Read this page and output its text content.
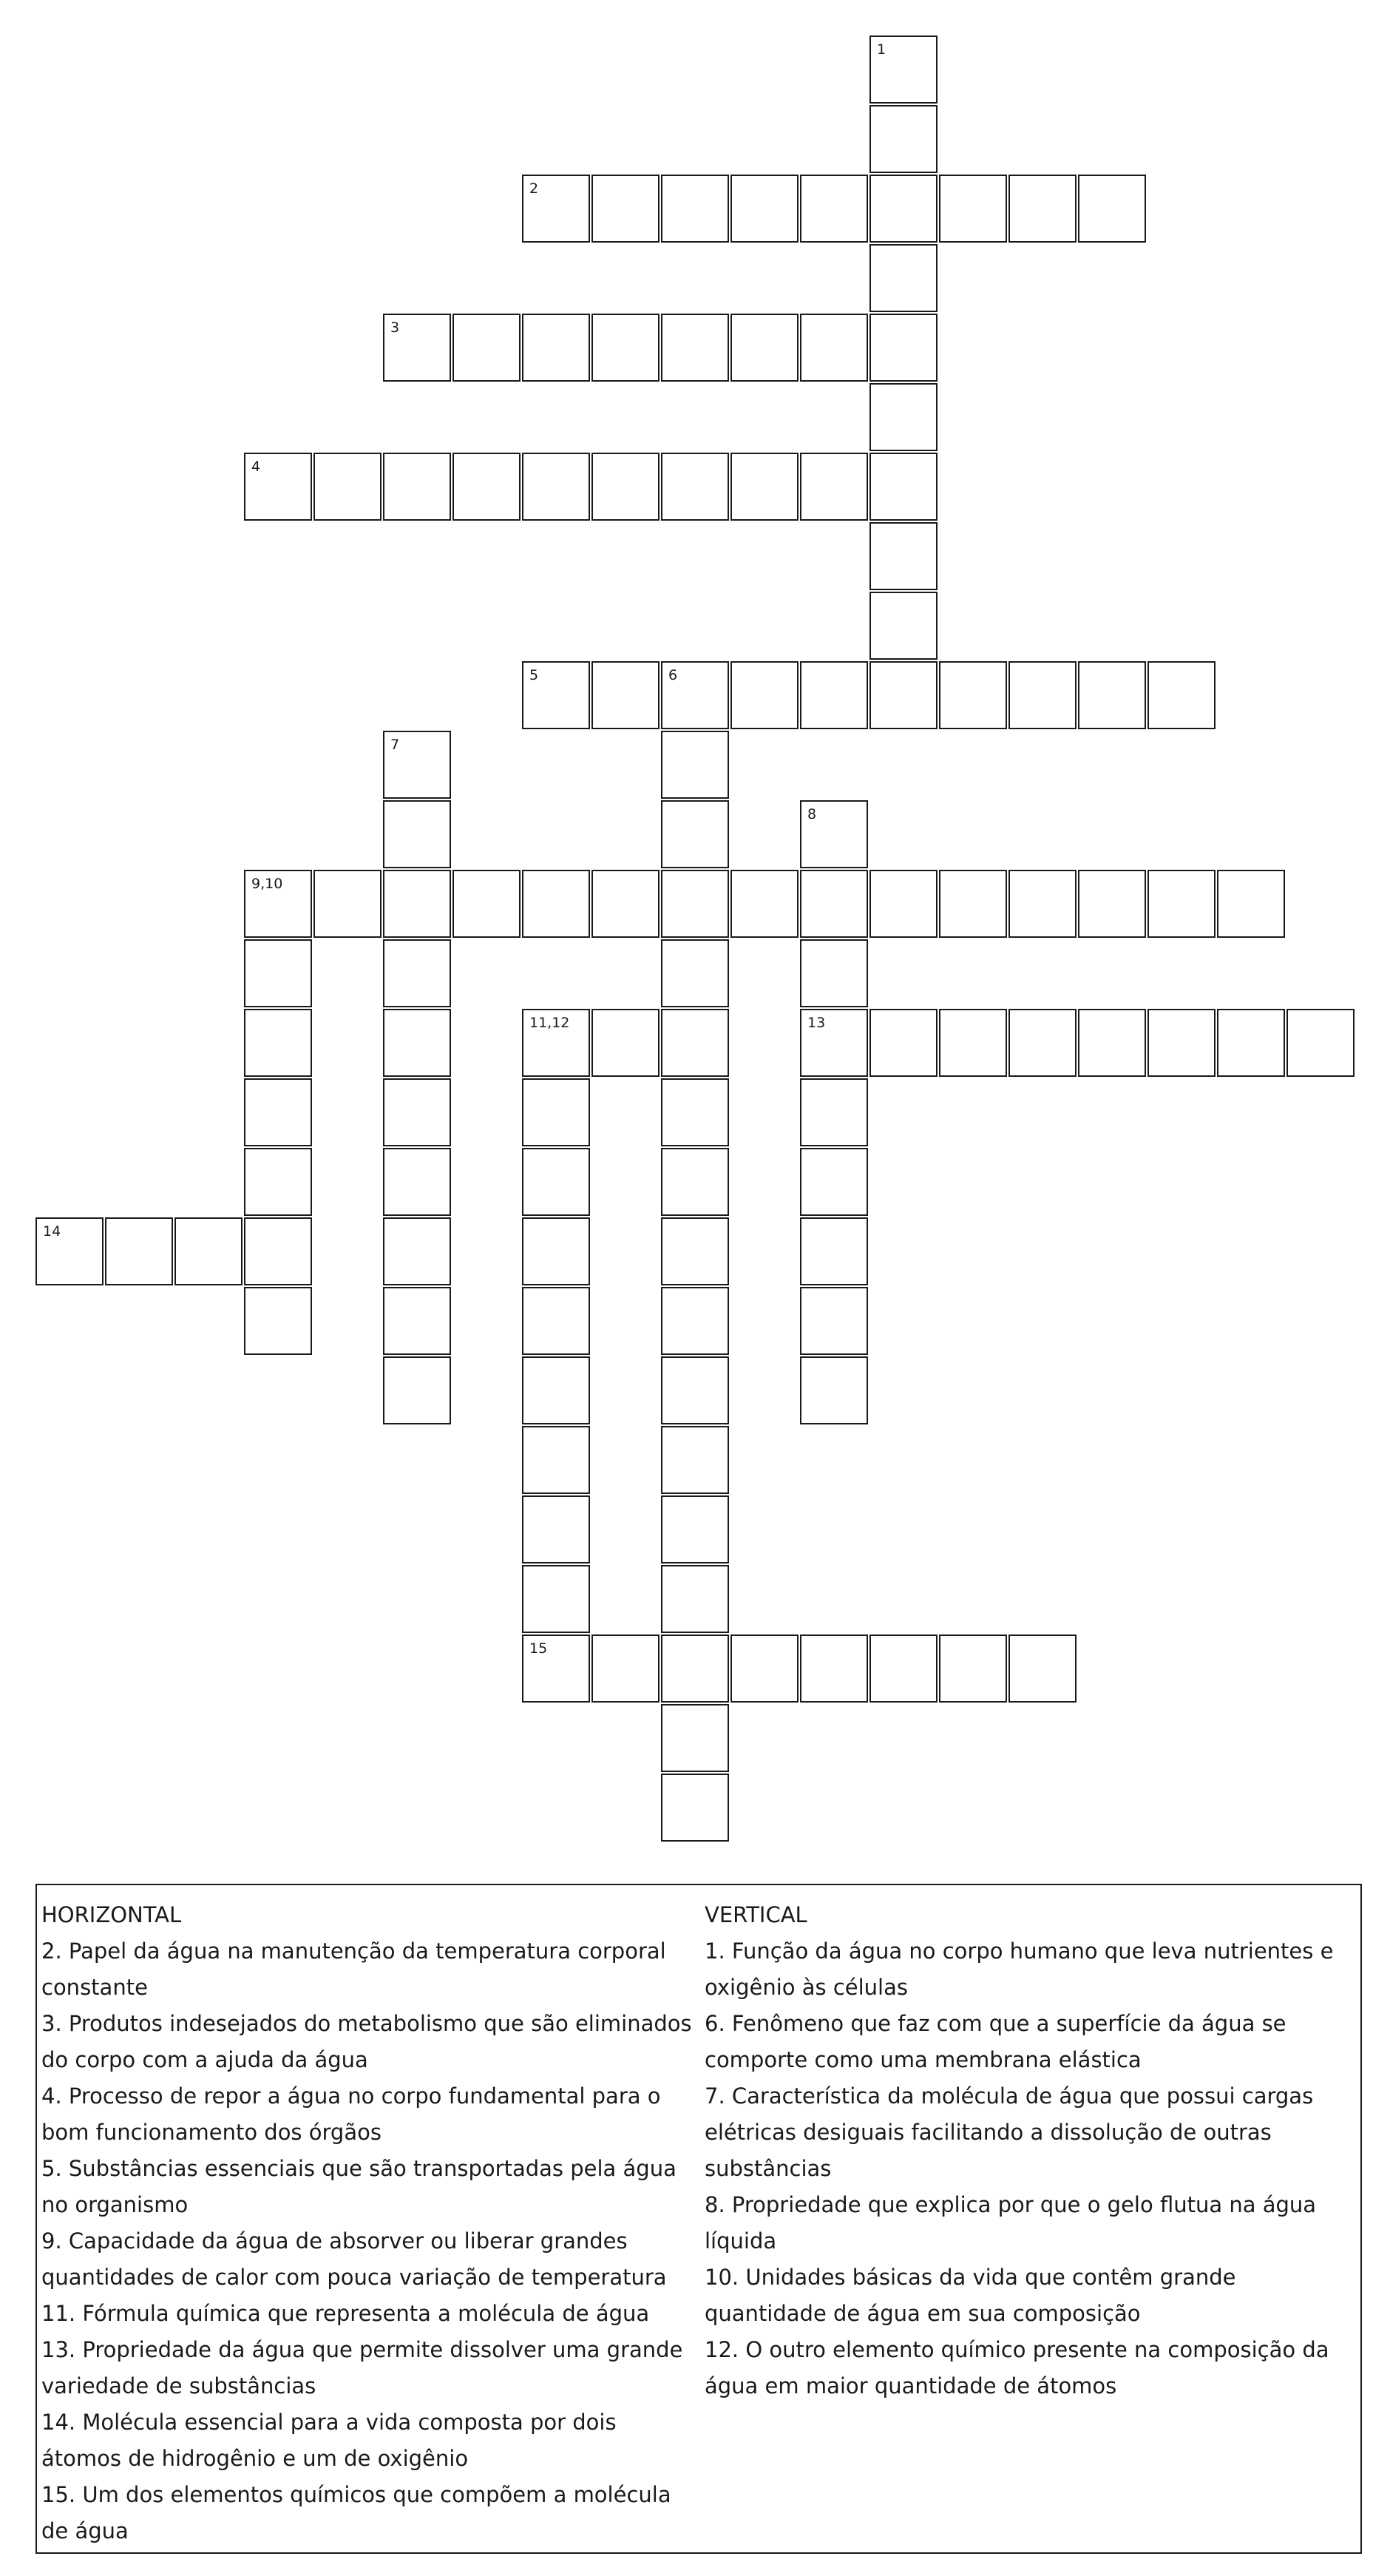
1
2
3
4
5	6
7
8
13
9,10
11,12
15
14

HORIZONTAL

2. Papel da água na manutenção da temperatura corporal constante

3. Produtos indesejados do metabolismo que são eliminados do corpo com a ajuda da água

4. Processo de repor a água no corpo fundamental para o bom funcionamento dos órgãos

5. Substâncias essenciais que são transportadas pela água no organismo

9. Capacidade da água de absorver ou liberar grandes quantidades de calor com pouca variação de temperatura

11. Fórmula química que representa a molécula de água

13. Propriedade da água que permite dissolver uma grande variedade de substâncias

14. Molécula essencial para a vida composta por dois átomos de hidrogênio e um de oxigênio

15. Um dos elementos químicos que compõem a molécula de água

VERTICAL

1. Função da água no corpo humano que leva nutrientes e oxigênio às células

6. Fenômeno que faz com que a superfície da água se comporte como uma membrana elástica

7. Característica da molécula de água que possui cargas elétricas desiguais facilitando a dissolução de outras substâncias

8. Propriedade que explica por que o gelo flutua na água líquida

10. Unidades básicas da vida que contêm grande quantidade de água em sua composição

12. O outro elemento químico presente na composição da água em maior quantidade de átomos
